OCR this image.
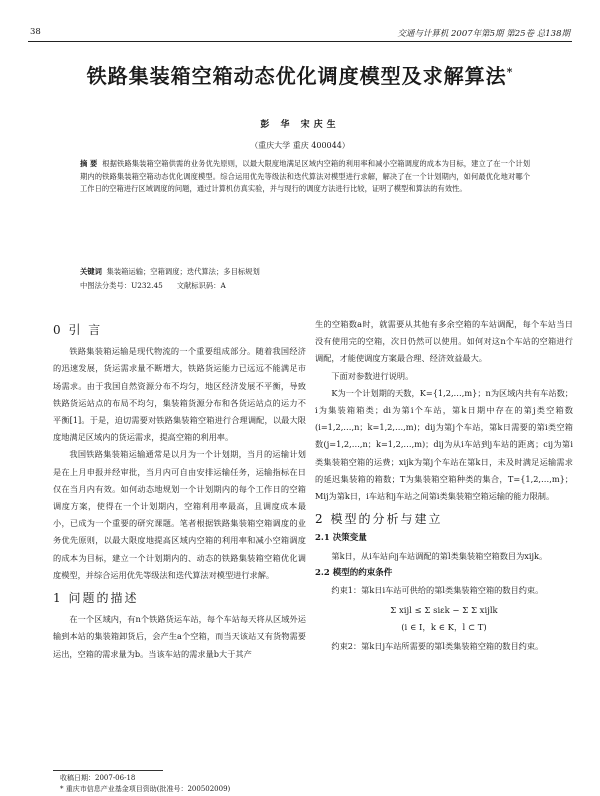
38	交通与计算机 2007年第5期 第25卷 总138期
铁路集装箱空箱动态优化调度模型及求解算法*
彭 华 宋庆生
（重庆大学 重庆 400044）
摘 要 根据铁路集装箱空箱供需的业务优先原则，以最大限度地满足区域内空箱的利用率和减小空箱调度的成本为目标，建立了在一个计划期内的铁路集装箱空箱动态优化调度模型。综合运用优先等级法和迭代算法对模型进行求解，解决了在一个计划期内，如何最优化地对哪个工作日的空箱进行区域调度的问题，通过计算机仿真实验，并与现行的调度方法进行比较，证明了模型和算法的有效性。
关键词 集装箱运输；空箱调度；迭代算法；多目标规划
中图法分类号：U232.45 文献标识码：A
0 引 言

铁路集装箱运输是现代物流的一个重要组成部分。随着我国经济的迅速发展，货运需求量不断增大，铁路货运能力已远远不能满足市场需求。由于我国自然资源分布不均匀，地区经济发展不平衡，导致铁路货运站点的布局不均匀，集装箱货源分布和各货运站点的运力不平衡[1]。于是，迫切需要对铁路集装箱空箱进行合理调配，以最大限度地满足区域内的货运需求，提高空箱的利用率。

我国铁路集装箱运输通常是以月为一个计划期，当月的运输计划是在上月申报并经审批，当月内可自由安排运输任务，运输指标在日仅在当月内有效。如何动态地规划一个计划期内的每个工作日的空箱调度方案，使得在一个计划期内，空箱利用率最高，且调度成本最小，已成为一个重要的研究课题。笔者根据铁路集装箱空箱调度的业务优先原则，以最大限度地提高区域内空箱的利用率和减小空箱调度的成本为目标，建立一个计划期内的、动态的铁路集装箱空箱优化调度模型，并综合运用优先等级法和迭代算法对模型进行求解。

1 问题的描述

在一个区域内，有n个铁路货运车站，每个车站每天将从区域外运输到本站的集装箱卸货后，会产生a个空箱，而当天该站又有货物需要运出，空箱的需求量为b。当该车站的需求量b大于其产

生的空箱数a时，就需要从其他有多余空箱的车站调配，每个车站当日没有使用完的空箱，次日仍然可以使用。如何对这n个车站的空箱进行调配，才能使调度方案最合理、经济效益最大。

下面对参数进行说明。

K为一个计划期的天数，K={1,2,…,m}；n为区域内共有车站数；i为集装箱箱类；di为第i个车站，第k日期中存在的第j类空箱数(i=1,2,…,n；k=1,2,…,m)；dij为第j个车站，第k日需要的第i类空箱数(j=1,2,…,n；k=1,2,…,m)；dij为从i车站到j车站的距离；cij为第i类集装箱空箱的运费；xijk为第j个车站在第k日，未及时满足运输需求的延迟集装箱的箱数；T为集装箱空箱种类的集合，T={1,2,…,m}；Mij为第k日，i车站和j车站之间第i类集装箱空箱运输的能力限制。

2 模型的分析与建立
2.1 决策变量

第k日，从i车站向j车站调配的第l类集装箱空箱数目为xijk。

2.2 模型的约束条件

约束1：第k日i车站可供给的第l类集装箱空箱的数目约束。

Σ xijl ≤ Σ siεk − Σ Σ xijlk
(i ∈ I，k ∈ K，l ⊂ T)

约束2：第k日j车站所需要的第l类集装箱空箱的数目约束。

收稿日期：2007-06-18
* 重庆市信息产业基金项目资助(批准号：200502009)
